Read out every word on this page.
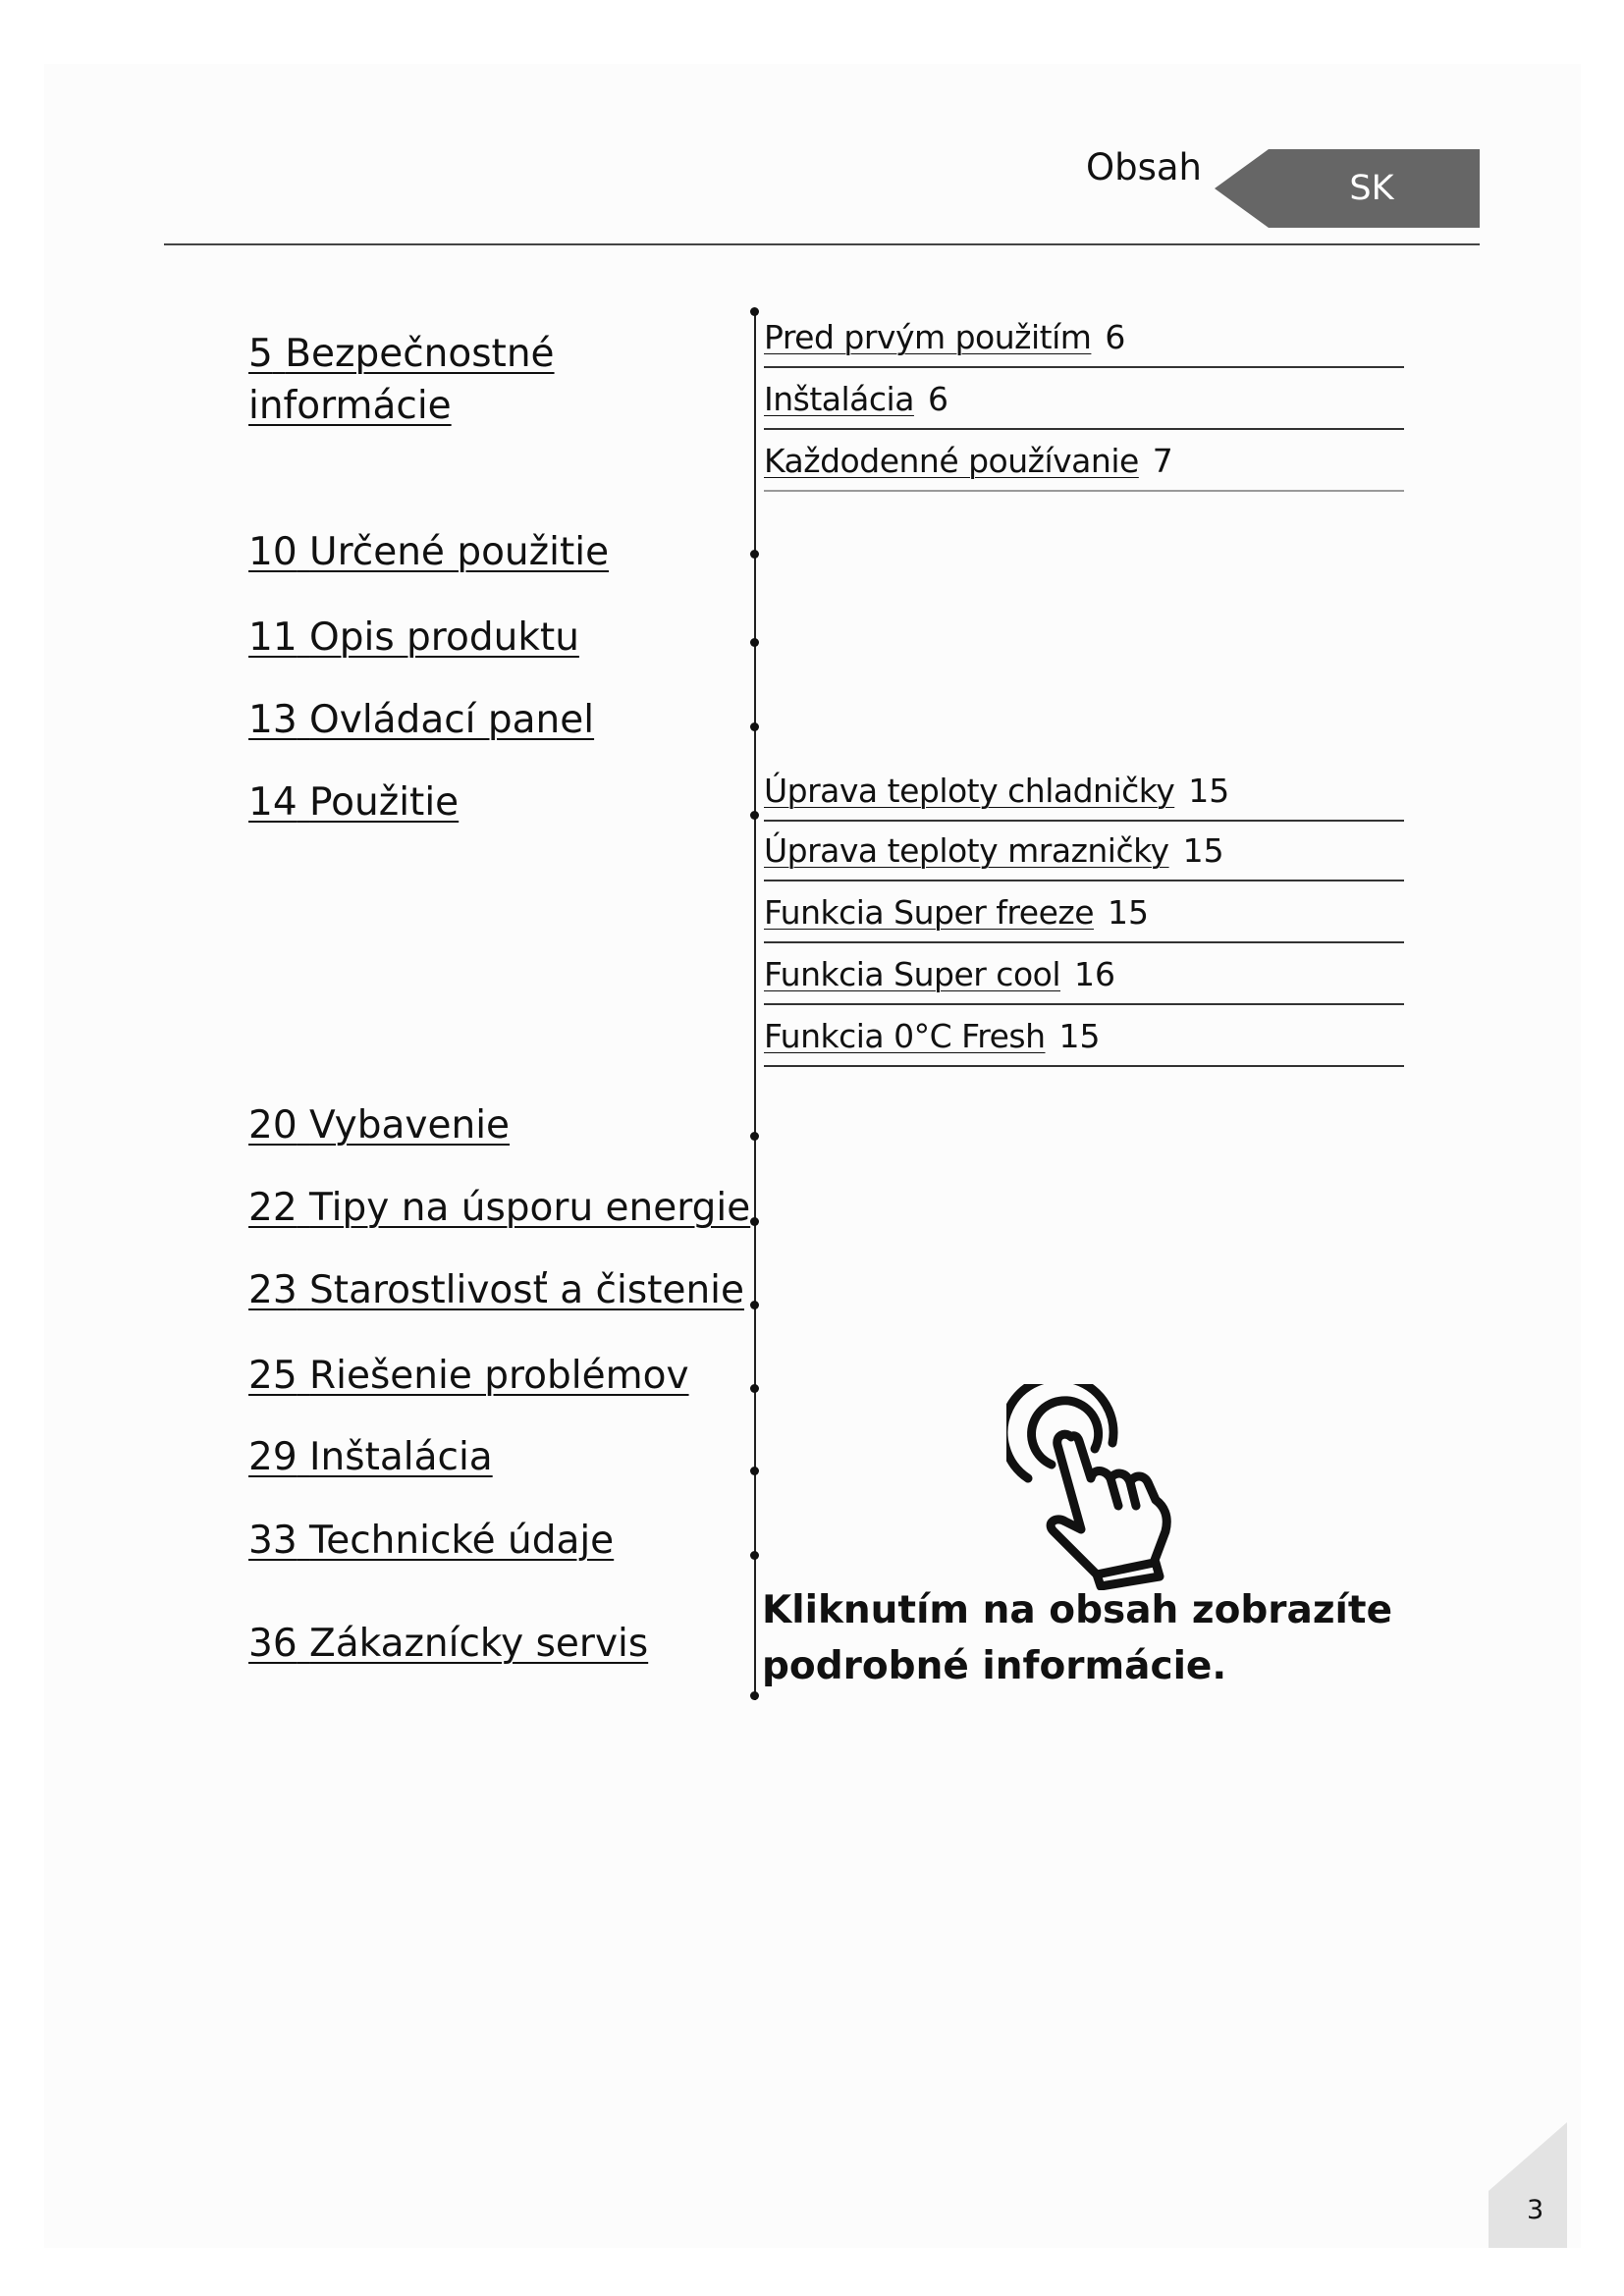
Obsah	SK
5 Bezpečnostné
informácie
10 Určené použitie
11 Opis produktu
13 Ovládací panel
14 Použitie
20 Vybavenie
22 Tipy na úsporu energie
23 Starostlivosť a čistenie
25 Riešenie problémov
29 Inštalácia
33 Technické údaje
36 Zákaznícky servis
Pred prvým použitím 6
Inštalácia 6
Každodenné používanie 7
Úprava teploty chladničky 15
Úprava teploty mrazničky 15
Funkcia Super freeze 15
Funkcia Super cool 16
Funkcia 0°C Fresh 15
Kliknutím na obsah zobrazíte
podrobné informácie.
3
